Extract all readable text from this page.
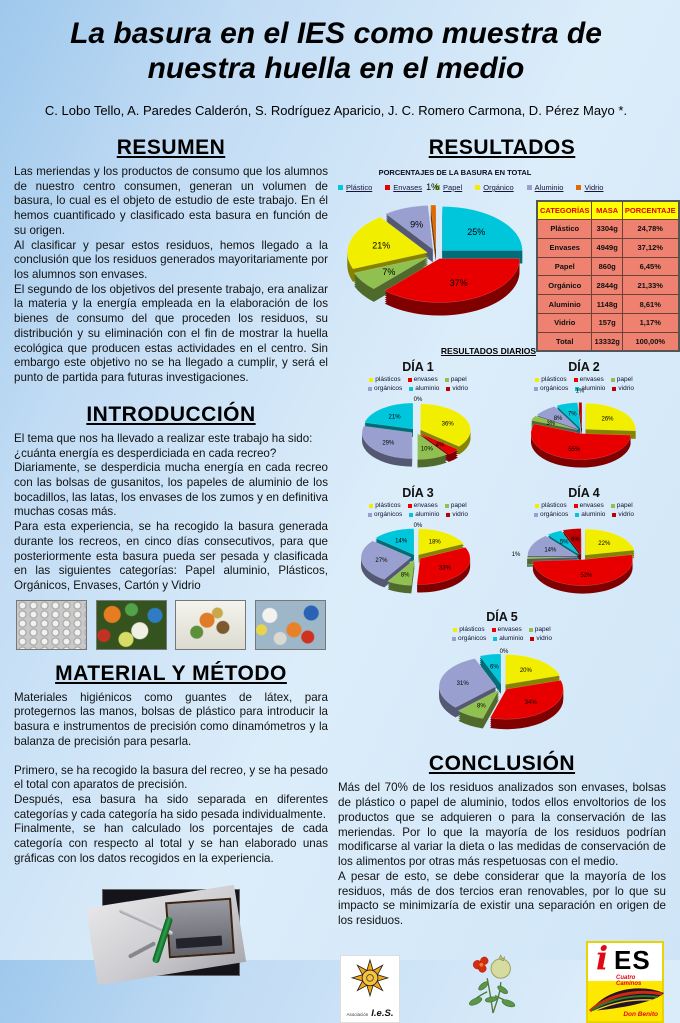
La basura en el IES como muestra de nuestra huella en el medio
C. Lobo Tello, A. Paredes Calderón, S. Rodríguez Aparicio, J. C. Romero Carmona, D. Pérez Mayo *.
RESUMEN

Las meriendas y los productos de consumo que los alumnos de nuestro centro consumen, generan un volumen de basura, lo cual es el objeto de estudio de este trabajo. En él hemos cuantificado y clasificado esta basura en función de su origen.

Al clasificar y pesar estos residuos, hemos llegado a la conclusión que los residuos generados mayoritariamente por los alumnos son envases.

El segundo de los objetivos del presente trabajo, era analizar la materia y la energía empleada en la elaboración de los bienes de consumo del que proceden los residuos, su distribución y su eliminación con el fin de mostrar la huella ecológica que producen estas actividades en el centro. Sin embargo este objetivo no se ha llegado a cumplir, y será el punto de partida para futuras investigaciones.

INTRODUCCIÓN

El tema que nos ha llevado a realizar este trabajo ha sido:

¿cuánta energía es desperdiciada en cada recreo?

Diariamente, se desperdicia mucha energía en cada recreo con las bolsas de gusanitos, los papeles de aluminio de los bocadillos, las latas, los envases de los zumos y en definitiva muchas cosas más.

Para esta experiencia, se ha recogido la basura generada durante los recreos, en cinco días consecutivos, para que posteriormente esta basura pueda ser pesada y clasificada en las siguientes categorías: Papel aluminio, Plásticos, Orgánicos, Envases, Cartón y Vidrio

MATERIAL Y MÉTODO

Materiales higiénicos como guantes de látex, para protegernos las manos, bolsas de plástico para introducir la basura e instrumentos de precisión como dinamómetros y la balanza de precisión para pesarla.

Primero, se ha recogido la basura del recreo, y se ha pesado el total con aparatos de precisión.

Después, esa basura ha sido separada en diferentes categorías y cada categoría ha sido pesada individualmente.

Finalmente, se han calculado los porcentajes de cada categoría con respecto al total y se han elaborado unas gráficas con los datos recogidos en la experiencia.

RESULTADOS
PORCENTAJES DE LA BASURA EN TOTAL
Plástico	Envases	Papel	Orgánico	Aluminio	Vidrio
25%
37%
7%
21%
9%
1%
CATEGORÍAS	MASA	PORCENTAJE
Plástico	3304g	24,78%
Envases	4949g	37,12%
Papel	860g	6,45%
Orgánico	2844g	21,33%
Aluminio	1148g	8,61%
Vidrio	157g	1,17%
Total	13332g	100,00%
RESULTADOS DIARIOS
DÍA 1
plásticos envases papel
orgánicos aluminio vidrio
36%
4%
10%
29%
21%
0%
DÍA 2
plásticos envases papel
orgánicos aluminio vidrio
26%
55%
3%
8%
7%
1%
DÍA 3
plásticos envases papel
orgánicos aluminio vidrio
18%
33%
8%
27%
14%
0%
DÍA 4
plásticos envases papel
orgánicos aluminio vidrio
22%
52%
1%
14%
5% 6%
DÍA 5
plásticos envases papel
orgánicos aluminio vidrio
20%
34%
8%
31%
6%
0%
CONCLUSIÓN

Más del 70% de los residuos analizados son envases, bolsas de plástico o papel de aluminio, todos ellos envoltorios de los productos que se adquieren o para la conservación de las meriendas. Por lo que la mayoría de los residuos podrían modificarse al variar la dieta o las medidas de conservación de los alimentos por otras más respetuosas con el medio.

A pesar de esto, se debe considerar que la mayoría de los residuos, más de dos tercios eran renovables, por lo que su impacto se minimizaría de existir una separación en origen de los residuos.

Asociación I.e.S.
i ES
Cuatro Caminos
Don Benito
